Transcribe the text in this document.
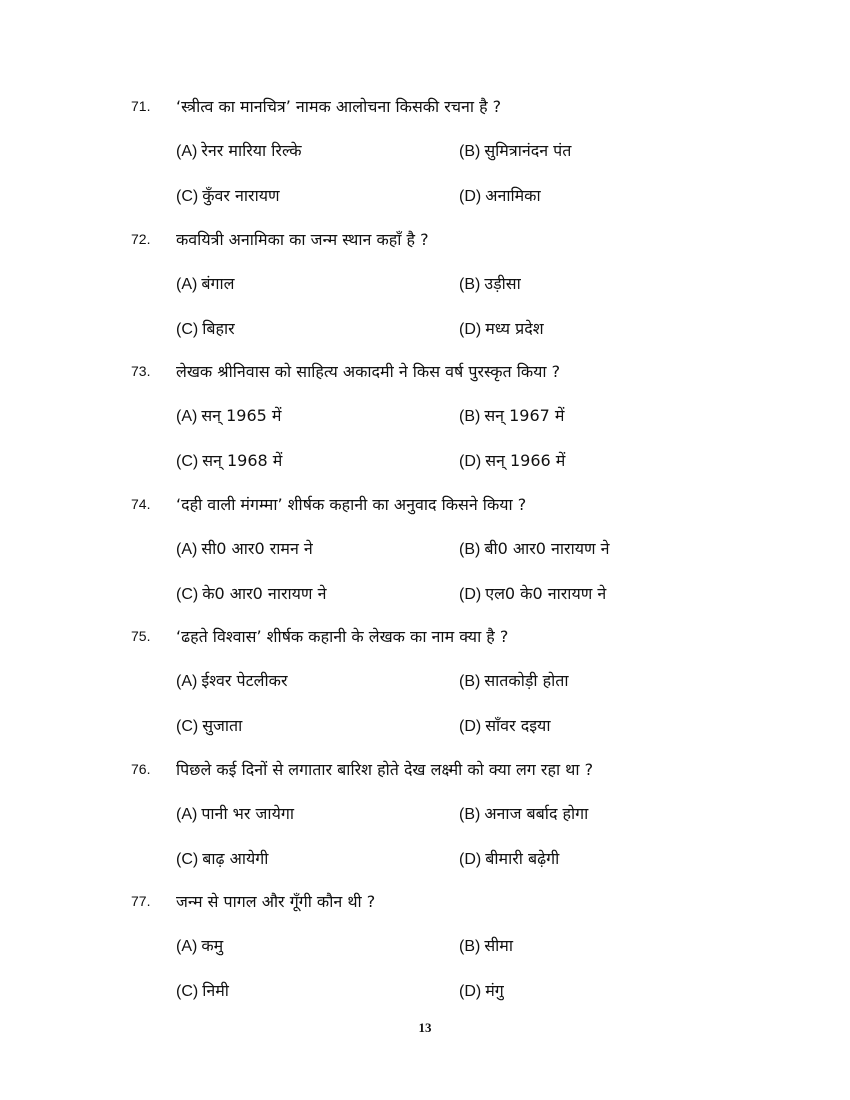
71. ‘स्त्रीत्व का मानचित्र’ नामक आलोचना किसकी रचना है ?
(A) रेनर मारिया रिल्के	(B) सुमित्रानंदन पंत
(C) कुँवर नारायण	(D) अनामिका
72. कवयित्री अनामिका का जन्म स्थान कहाँ है ?
(A) बंगाल	(B) उड़ीसा
(C) बिहार	(D) मध्य प्रदेश
73. लेखक श्रीनिवास को साहित्य अकादमी ने किस वर्ष पुरस्कृत किया ?
(A) सन् 1965 में	(B) सन् 1967 में
(C) सन् 1968 में	(D) सन् 1966 में
74. ‘दही वाली मंगम्मा’ शीर्षक कहानी का अनुवाद किसने किया ?
(A) सी0 आर0 रामन ने	(B) बी0 आर0 नारायण ने
(C) के0 आर0 नारायण ने	(D) एल0 के0 नारायण ने
75. ‘ढहते विश्वास’ शीर्षक कहानी के लेखक का नाम क्या है ?
(A) ईश्वर पेटलीकर	(B) सातकोड़ी होता
(C) सुजाता	(D) साँवर दइया
76. पिछले कई दिनों से लगातार बारिश होते देख लक्ष्मी को क्या लग रहा था ?
(A) पानी भर जायेगा	(B) अनाज बर्बाद होगा
(C) बाढ़ आयेगी	(D) बीमारी बढ़ेगी
77. जन्म से पागल और गूँगी कौन थी ?
(A) कमु	(B) सीमा
(C) निमी	(D) मंगु
13
